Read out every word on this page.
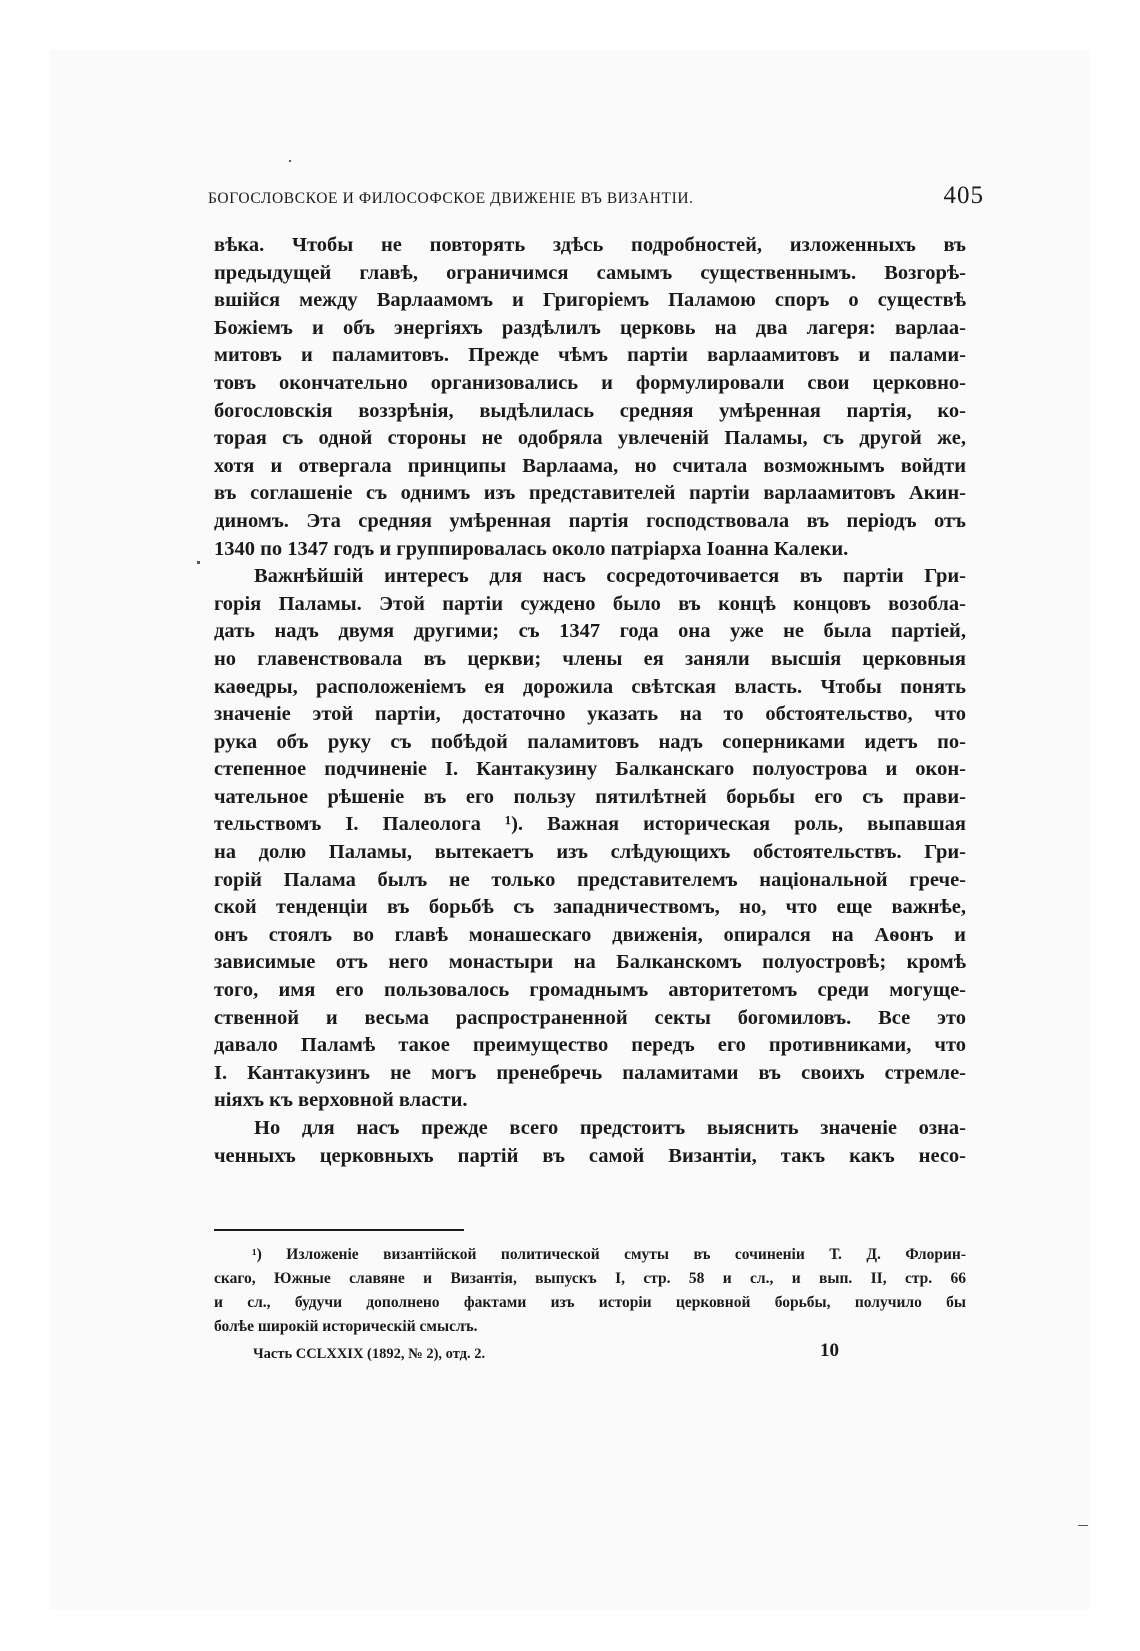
БОГОСЛОВСКОЕ И ФИЛОСОФСКОЕ ДВИЖЕНІЕ ВЪ ВИЗАНТІИ.	405
вѣка. Чтобы не повторять здѣсь подробностей, изложенныхъ въ
предыдущей главѣ, ограничимся самымъ существеннымъ. Возгорѣ-
вшійся между Варлаамомъ и Григоріемъ Паламою споръ о существѣ
Божіемъ и объ энергіяхъ раздѣлилъ церковь на два лагеря: варлаа-
митовъ и паламитовъ. Прежде чѣмъ партіи варлаамитовъ и палами-
товъ окончательно организовались и формулировали свои церковно-
богословскія воззрѣнія, выдѣлилась средняя умѣренная партія, ко-
торая съ одной стороны не одобряла увлеченій Паламы, съ другой же,
хотя и отвергала принципы Варлаама, но считала возможнымъ войдти
въ соглашеніе съ однимъ изъ представителей партіи варлаамитовъ Акин-
диномъ. Эта средняя умѣренная партія господствовала въ періодъ отъ
1340 по 1347 годъ и группировалась около патріарха Іоанна Калеки.
Важнѣйшій интересъ для насъ сосредоточивается въ партіи Гри-
горія Паламы. Этой партіи суждено было въ концѣ концовъ возобла-
дать надъ двумя другими; съ 1347 года она уже не была партіей,
но главенствовала въ церкви; члены ея заняли высшія церковныя
каѳедры, расположеніемъ ея дорожила свѣтская власть. Чтобы понять
значеніе этой партіи, достаточно указать на то обстоятельство, что
рука объ руку съ побѣдой паламитовъ надъ соперниками идетъ по-
степенное подчиненіе І. Кантакузину Балканскаго полуострова и окон-
чательное рѣшеніе въ его пользу пятилѣтней борьбы его съ прави-
тельствомъ І. Палеолога ¹). Важная историческая роль, выпавшая
на долю Паламы, вытекаетъ изъ слѣдующихъ обстоятельствъ. Гри-
горій Палама былъ не только представителемъ національной грече-
ской тенденціи въ борьбѣ съ западничествомъ, но, что еще важнѣе,
онъ стоялъ во главѣ монашескаго движенія, опирался на Аѳонъ и
зависимые отъ него монастыри на Балканскомъ полуостровѣ; кромѣ
того, имя его пользовалось громаднымъ авторитетомъ среди могуще-
ственной и весьма распространенной секты богомиловъ. Все это
давало Паламѣ такое преимущество передъ его противниками, что
І. Кантакузинъ не могъ пренебречь паламитами въ своихъ стремле-
ніяхъ къ верховной власти.
Но для насъ прежде всего предстоитъ выяснить значеніе озна-
ченныхъ церковныхъ партій въ самой Византіи, такъ какъ несо-
¹) Изложеніе византійской политической смуты въ сочиненіи Т. Д. Флорин-
скаго, Южные славяне и Византія, выпускъ I, стр. 58 и сл., и вып. II, стр. 66
и сл., будучи дополнено фактами изъ исторіи церковной борьбы, получило бы
болѣе широкій историческій смыслъ.
Часть CCLXXIX (1892, № 2), отд. 2.	10
